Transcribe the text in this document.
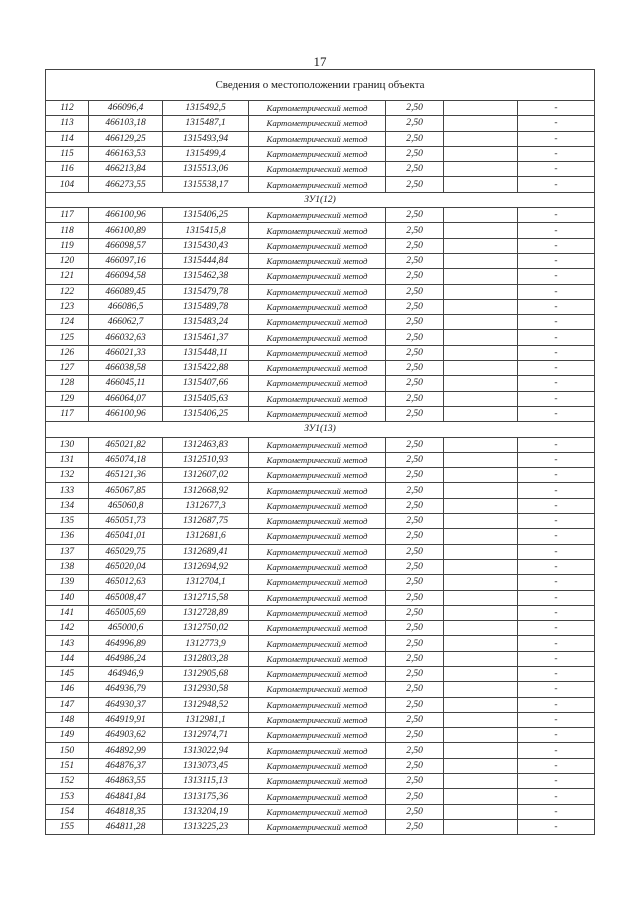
17
Сведения о местоположении границ объекта						
112	466096,4	1315492,5	Картометрический метод	2,50		-
113	466103,18	1315487,1	Картометрический метод	2,50		-
114	466129,25	1315493,94	Картометрический метод	2,50		-
115	466163,53	1315499,4	Картометрический метод	2,50		-
116	466213,84	1315513,06	Картометрический метод	2,50		-
104	466273,55	1315538,17	Картометрический метод	2,50		-
ЗУ1(12)						
117	466100,96	1315406,25	Картометрический метод	2,50		-
118	466100,89	1315415,8	Картометрический метод	2,50		-
119	466098,57	1315430,43	Картометрический метод	2,50		-
120	466097,16	1315444,84	Картометрический метод	2,50		-
121	466094,58	1315462,38	Картометрический метод	2,50		-
122	466089,45	1315479,78	Картометрический метод	2,50		-
123	466086,5	1315489,78	Картометрический метод	2,50		-
124	466062,7	1315483,24	Картометрический метод	2,50		-
125	466032,63	1315461,37	Картометрический метод	2,50		-
126	466021,33	1315448,11	Картометрический метод	2,50		-
127	466038,58	1315422,88	Картометрический метод	2,50		-
128	466045,11	1315407,66	Картометрический метод	2,50		-
129	466064,07	1315405,63	Картометрический метод	2,50		-
117	466100,96	1315406,25	Картометрический метод	2,50		-
ЗУ1(13)						
130	465021,82	1312463,83	Картометрический метод	2,50		-
131	465074,18	1312510,93	Картометрический метод	2,50		-
132	465121,36	1312607,02	Картометрический метод	2,50		-
133	465067,85	1312668,92	Картометрический метод	2,50		-
134	465060,8	1312677,3	Картометрический метод	2,50		-
135	465051,73	1312687,75	Картометрический метод	2,50		-
136	465041,01	1312681,6	Картометрический метод	2,50		-
137	465029,75	1312689,41	Картометрический метод	2,50		-
138	465020,04	1312694,92	Картометрический метод	2,50		-
139	465012,63	1312704,1	Картометрический метод	2,50		-
140	465008,47	1312715,58	Картометрический метод	2,50		-
141	465005,69	1312728,89	Картометрический метод	2,50		-
142	465000,6	1312750,02	Картометрический метод	2,50		-
143	464996,89	1312773,9	Картометрический метод	2,50		-
144	464986,24	1312803,28	Картометрический метод	2,50		-
145	464946,9	1312905,68	Картометрический метод	2,50		-
146	464936,79	1312930,58	Картометрический метод	2,50		-
147	464930,37	1312948,52	Картометрический метод	2,50		-
148	464919,91	1312981,1	Картометрический метод	2,50		-
149	464903,62	1312974,71	Картометрический метод	2,50		-
150	464892,99	1313022,94	Картометрический метод	2,50		-
151	464876,37	1313073,45	Картометрический метод	2,50		-
152	464863,55	1313115,13	Картометрический метод	2,50		-
153	464841,84	1313175,36	Картометрический метод	2,50		-
154	464818,35	1313204,19	Картометрический метод	2,50		-
155	464811,28	1313225,23	Картометрический метод	2,50		-
